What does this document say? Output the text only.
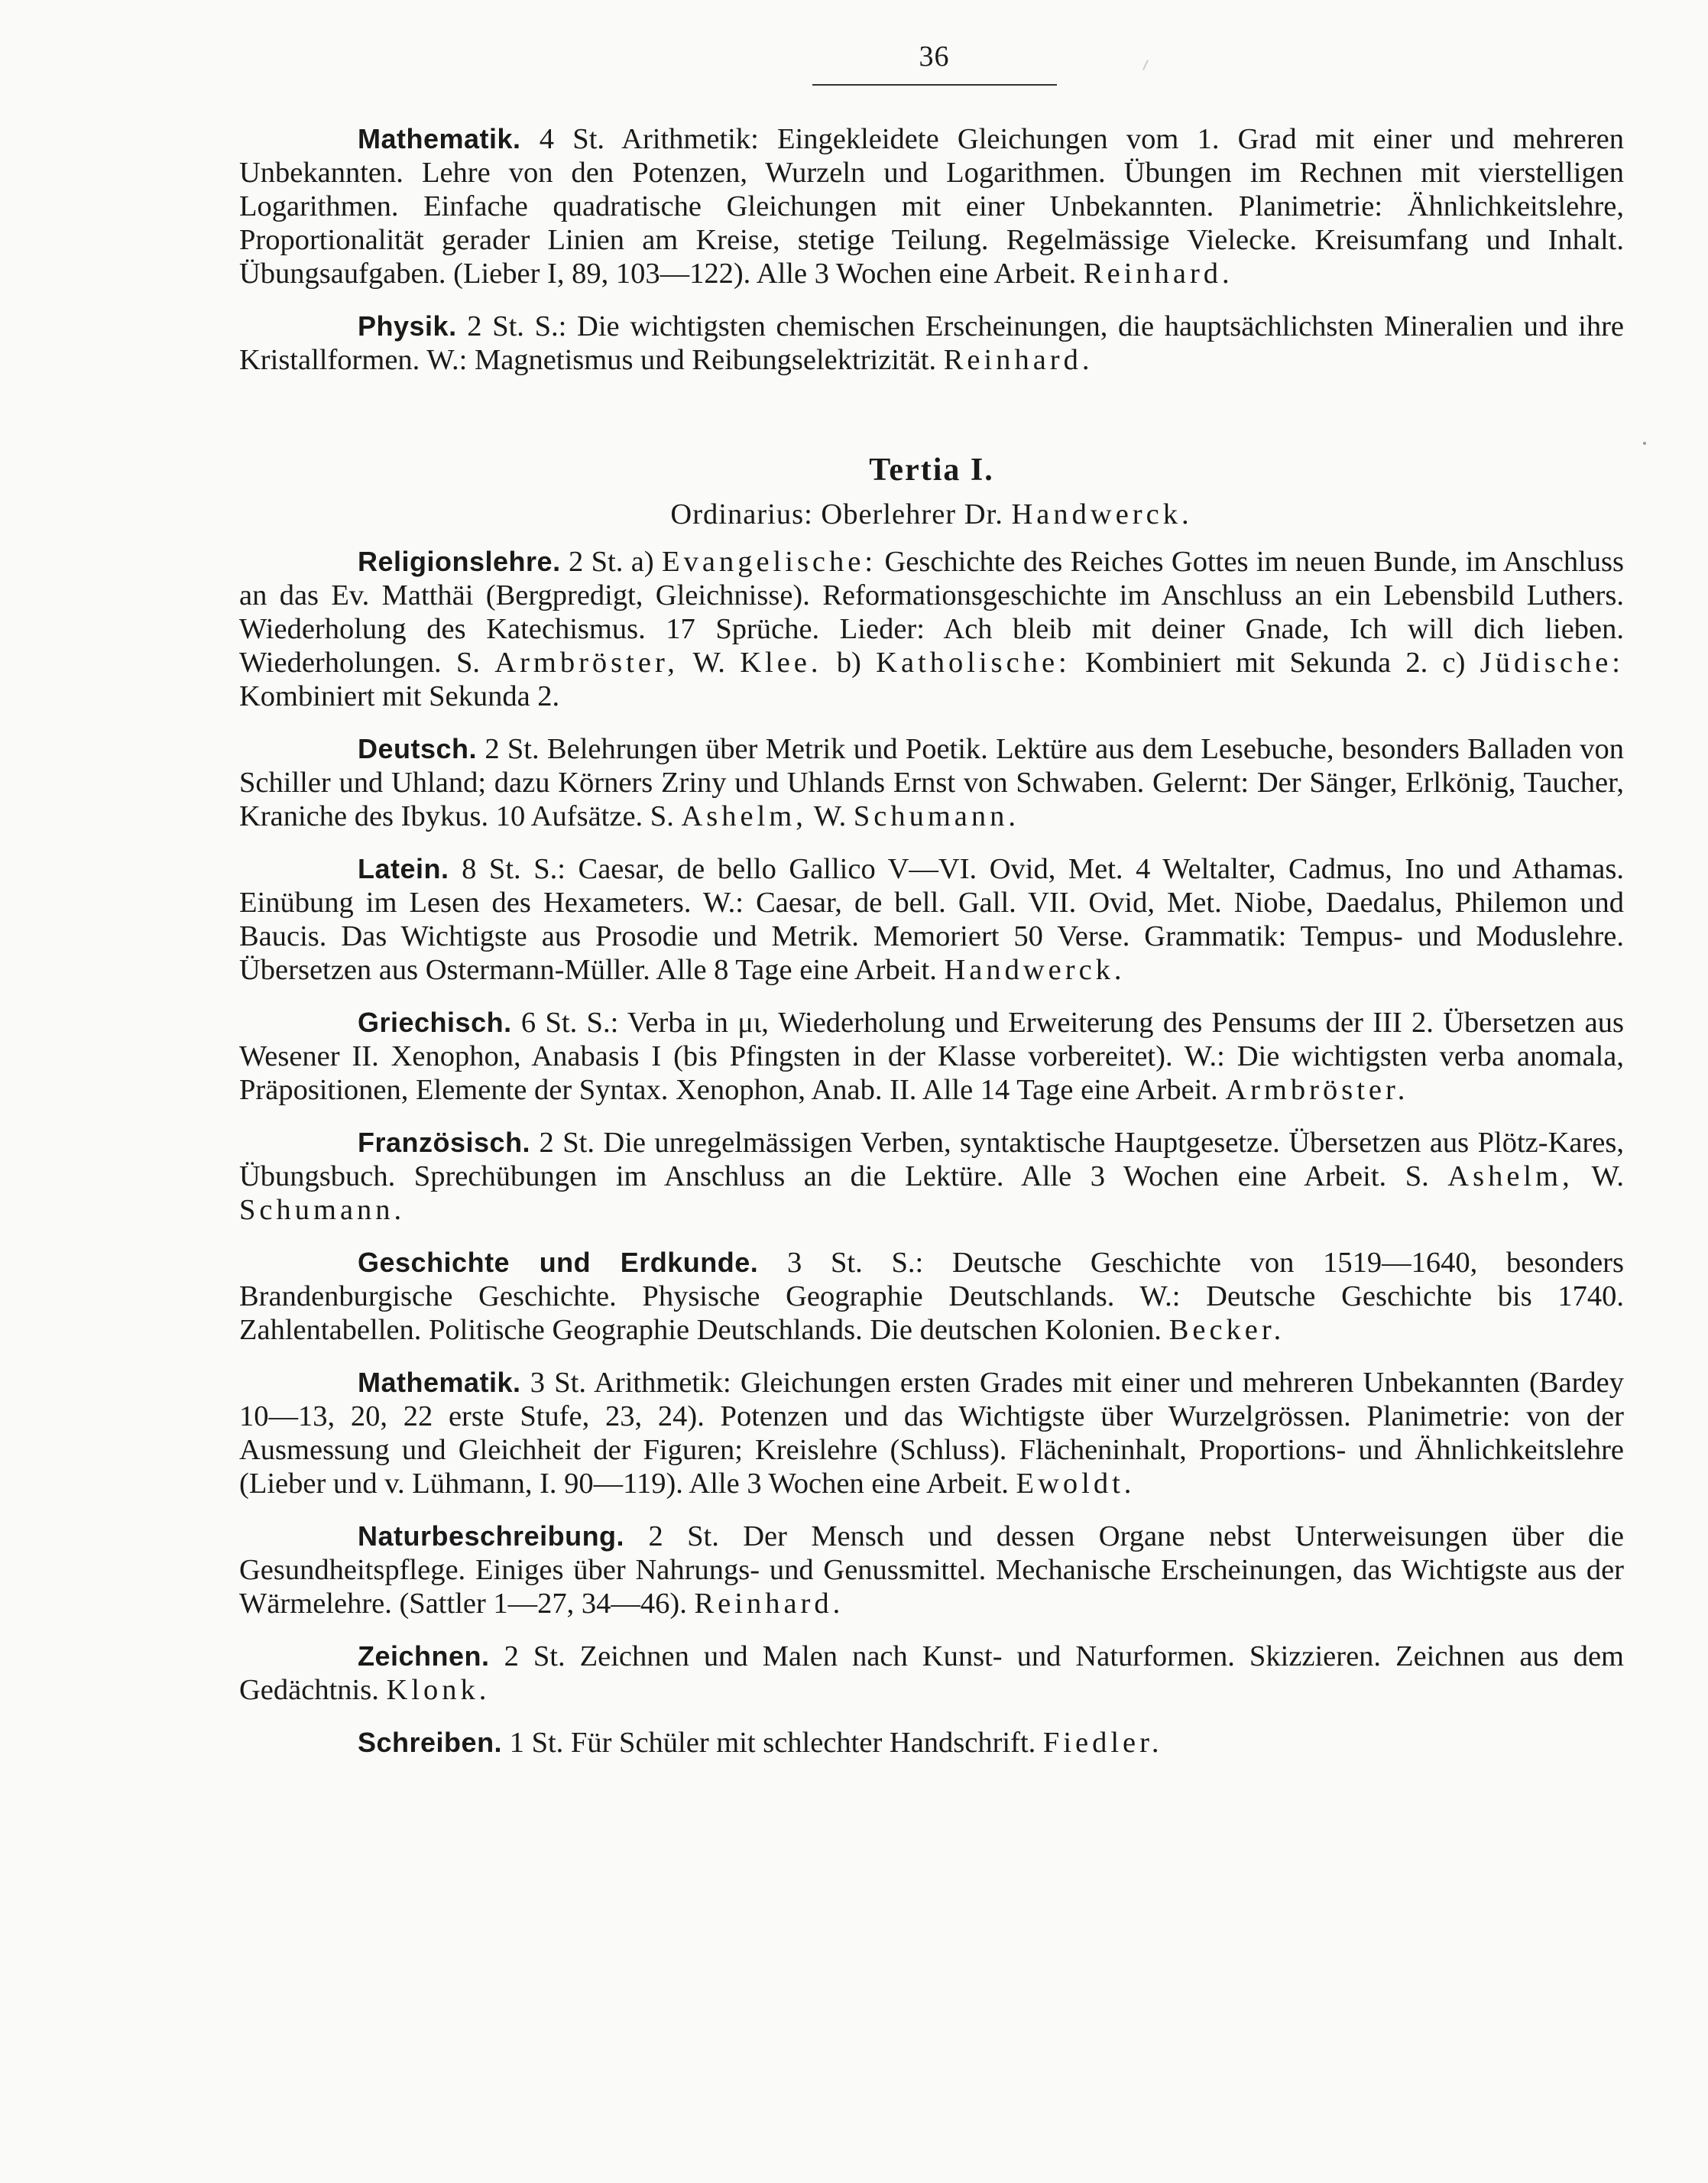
36

Mathematik. 4 St. Arithmetik: Eingekleidete Gleichungen vom 1. Grad mit einer und mehreren Unbekannten. Lehre von den Potenzen, Wurzeln und Logarithmen. Übungen im Rechnen mit vierstelligen Logarithmen. Einfache quadratische Gleichungen mit einer Unbekannten. Planimetrie: Ähnlichkeitslehre, Proportionalität gerader Linien am Kreise, stetige Teilung. Regelmässige Vielecke. Kreisumfang und Inhalt. Übungsaufgaben. (Lieber I, 89, 103—122). Alle 3 Wochen eine Arbeit. Reinhard.

Physik. 2 St. S.: Die wichtigsten chemischen Erscheinungen, die hauptsächlichsten Mineralien und ihre Kristallformen. W.: Magnetismus und Reibungselektrizität. Reinhard.

Tertia I.
Ordinarius: Oberlehrer Dr. Handwerck.

Religionslehre. 2 St. a) Evangelische: Geschichte des Reiches Gottes im neuen Bunde, im Anschluss an das Ev. Matthäi (Bergpredigt, Gleichnisse). Reformationsgeschichte im Anschluss an ein Lebensbild Luthers. Wiederholung des Katechismus. 17 Sprüche. Lieder: Ach bleib mit deiner Gnade, Ich will dich lieben. Wiederholungen. S. Armbröster, W. Klee. b) Katholische: Kombiniert mit Sekunda 2. c) Jüdische: Kombiniert mit Sekunda 2.

Deutsch. 2 St. Belehrungen über Metrik und Poetik. Lektüre aus dem Lesebuche, besonders Balladen von Schiller und Uhland; dazu Körners Zriny und Uhlands Ernst von Schwaben. Gelernt: Der Sänger, Erlkönig, Taucher, Kraniche des Ibykus. 10 Aufsätze. S. Ashelm, W. Schumann.

Latein. 8 St. S.: Caesar, de bello Gallico V—VI. Ovid, Met. 4 Weltalter, Cadmus, Ino und Athamas. Einübung im Lesen des Hexameters. W.: Caesar, de bell. Gall. VII. Ovid, Met. Niobe, Daedalus, Philemon und Baucis. Das Wichtigste aus Prosodie und Metrik. Memoriert 50 Verse. Grammatik: Tempus- und Moduslehre. Übersetzen aus Ostermann-Müller. Alle 8 Tage eine Arbeit. Handwerck.

Griechisch. 6 St. S.: Verba in μι, Wiederholung und Erweiterung des Pensums der III 2. Übersetzen aus Wesener II. Xenophon, Anabasis I (bis Pfingsten in der Klasse vorbereitet). W.: Die wichtigsten verba anomala, Präpositionen, Elemente der Syntax. Xenophon, Anab. II. Alle 14 Tage eine Arbeit. Armbröster.

Französisch. 2 St. Die unregelmässigen Verben, syntaktische Hauptgesetze. Übersetzen aus Plötz-Kares, Übungsbuch. Sprechübungen im Anschluss an die Lektüre. Alle 3 Wochen eine Arbeit. S. Ashelm, W. Schumann.

Geschichte und Erdkunde. 3 St. S.: Deutsche Geschichte von 1519—1640, besonders Brandenburgische Geschichte. Physische Geographie Deutschlands. W.: Deutsche Geschichte bis 1740. Zahlentabellen. Politische Geographie Deutschlands. Die deutschen Kolonien. Becker.

Mathematik. 3 St. Arithmetik: Gleichungen ersten Grades mit einer und mehreren Unbekannten (Bardey 10—13, 20, 22 erste Stufe, 23, 24). Potenzen und das Wichtigste über Wurzelgrössen. Planimetrie: von der Ausmessung und Gleichheit der Figuren; Kreislehre (Schluss). Flächeninhalt, Proportions- und Ähnlichkeitslehre (Lieber und v. Lühmann, I. 90—119). Alle 3 Wochen eine Arbeit. Ewoldt.

Naturbeschreibung. 2 St. Der Mensch und dessen Organe nebst Unterweisungen über die Gesundheitspflege. Einiges über Nahrungs- und Genussmittel. Mechanische Erscheinungen, das Wichtigste aus der Wärmelehre. (Sattler 1—27, 34—46). Reinhard.

Zeichnen. 2 St. Zeichnen und Malen nach Kunst- und Naturformen. Skizzieren. Zeichnen aus dem Gedächtnis. Klonk.

Schreiben. 1 St. Für Schüler mit schlechter Handschrift. Fiedler.
